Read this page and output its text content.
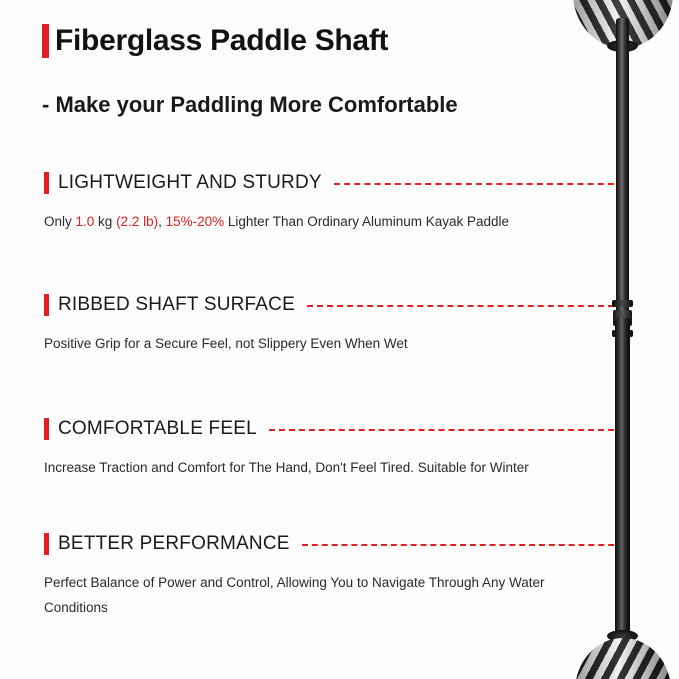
Fiberglass Paddle Shaft
- Make your Paddling More Comfortable
LIGHTWEIGHT AND STURDY
Only 1.0 kg (2.2 lb), 15%-20% Lighter Than Ordinary Aluminum Kayak Paddle
RIBBED SHAFT SURFACE
Positive Grip for a Secure Feel, not Slippery Even When Wet
COMFORTABLE FEEL
Increase Traction and Comfort for The Hand, Don't Feel Tired. Suitable for Winter
BETTER PERFORMANCE
Perfect Balance of Power and Control, Allowing You to Navigate Through Any Water Conditions
